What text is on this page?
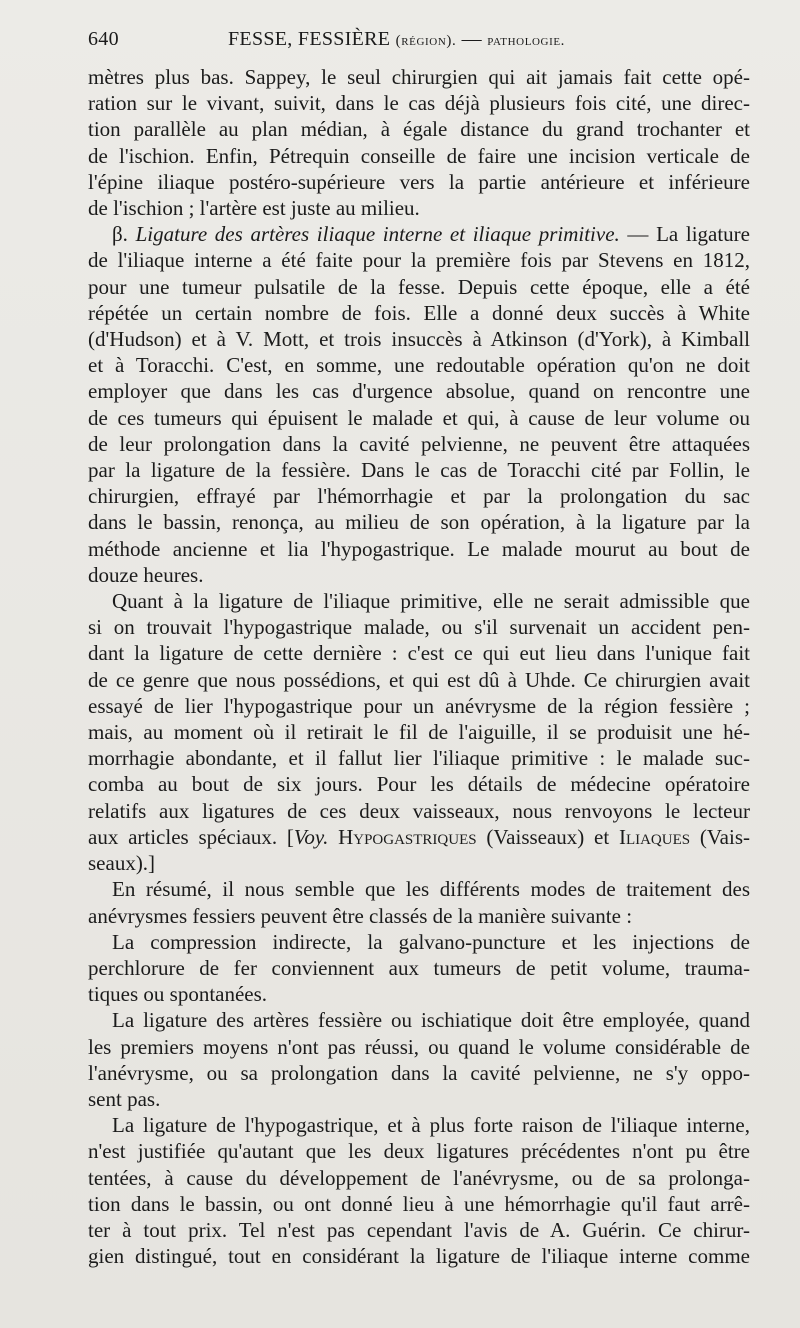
640	FESSE, FESSIÈRE (région). — pathologie.
mètres plus bas. Sappey, le seul chirurgien qui ait jamais fait cette opé-
ration sur le vivant, suivit, dans le cas déjà plusieurs fois cité, une direc-
tion parallèle au plan médian, à égale distance du grand trochanter et
de l'ischion. Enfin, Pétrequin conseille de faire une incision verticale de
l'épine iliaque postéro-supérieure vers la partie antérieure et inférieure
de l'ischion ; l'artère est juste au milieu.
β. Ligature des artères iliaque interne et iliaque primitive. — La ligature
de l'iliaque interne a été faite pour la première fois par Stevens en 1812,
pour une tumeur pulsatile de la fesse. Depuis cette époque, elle a été
répétée un certain nombre de fois. Elle a donné deux succès à White
(d'Hudson) et à V. Mott, et trois insuccès à Atkinson (d'York), à Kimball
et à Toracchi. C'est, en somme, une redoutable opération qu'on ne doit
employer que dans les cas d'urgence absolue, quand on rencontre une
de ces tumeurs qui épuisent le malade et qui, à cause de leur volume ou
de leur prolongation dans la cavité pelvienne, ne peuvent être attaquées
par la ligature de la fessière. Dans le cas de Toracchi cité par Follin, le
chirurgien, effrayé par l'hémorrhagie et par la prolongation du sac
dans le bassin, renonça, au milieu de son opération, à la ligature par la
méthode ancienne et lia l'hypogastrique. Le malade mourut au bout de
douze heures.
Quant à la ligature de l'iliaque primitive, elle ne serait admissible que
si on trouvait l'hypogastrique malade, ou s'il survenait un accident pen-
dant la ligature de cette dernière : c'est ce qui eut lieu dans l'unique fait
de ce genre que nous possédions, et qui est dû à Uhde. Ce chirurgien avait
essayé de lier l'hypogastrique pour un anévrysme de la région fessière ;
mais, au moment où il retirait le fil de l'aiguille, il se produisit une hé-
morrhagie abondante, et il fallut lier l'iliaque primitive : le malade suc-
comba au bout de six jours. Pour les détails de médecine opératoire
relatifs aux ligatures de ces deux vaisseaux, nous renvoyons le lecteur
aux articles spéciaux. [Voy. Hypogastriques (Vaisseaux) et Iliaques (Vais-
seaux).]
En résumé, il nous semble que les différents modes de traitement des
anévrysmes fessiers peuvent être classés de la manière suivante :
La compression indirecte, la galvano-puncture et les injections de
perchlorure de fer conviennent aux tumeurs de petit volume, trauma-
tiques ou spontanées.
La ligature des artères fessière ou ischiatique doit être employée, quand
les premiers moyens n'ont pas réussi, ou quand le volume considérable de
l'anévrysme, ou sa prolongation dans la cavité pelvienne, ne s'y oppo-
sent pas.
La ligature de l'hypogastrique, et à plus forte raison de l'iliaque interne,
n'est justifiée qu'autant que les deux ligatures précédentes n'ont pu être
tentées, à cause du développement de l'anévrysme, ou de sa prolonga-
tion dans le bassin, ou ont donné lieu à une hémorrhagie qu'il faut arrê-
ter à tout prix. Tel n'est pas cependant l'avis de A. Guérin. Ce chirur-
gien distingué, tout en considérant la ligature de l'iliaque interne comme
